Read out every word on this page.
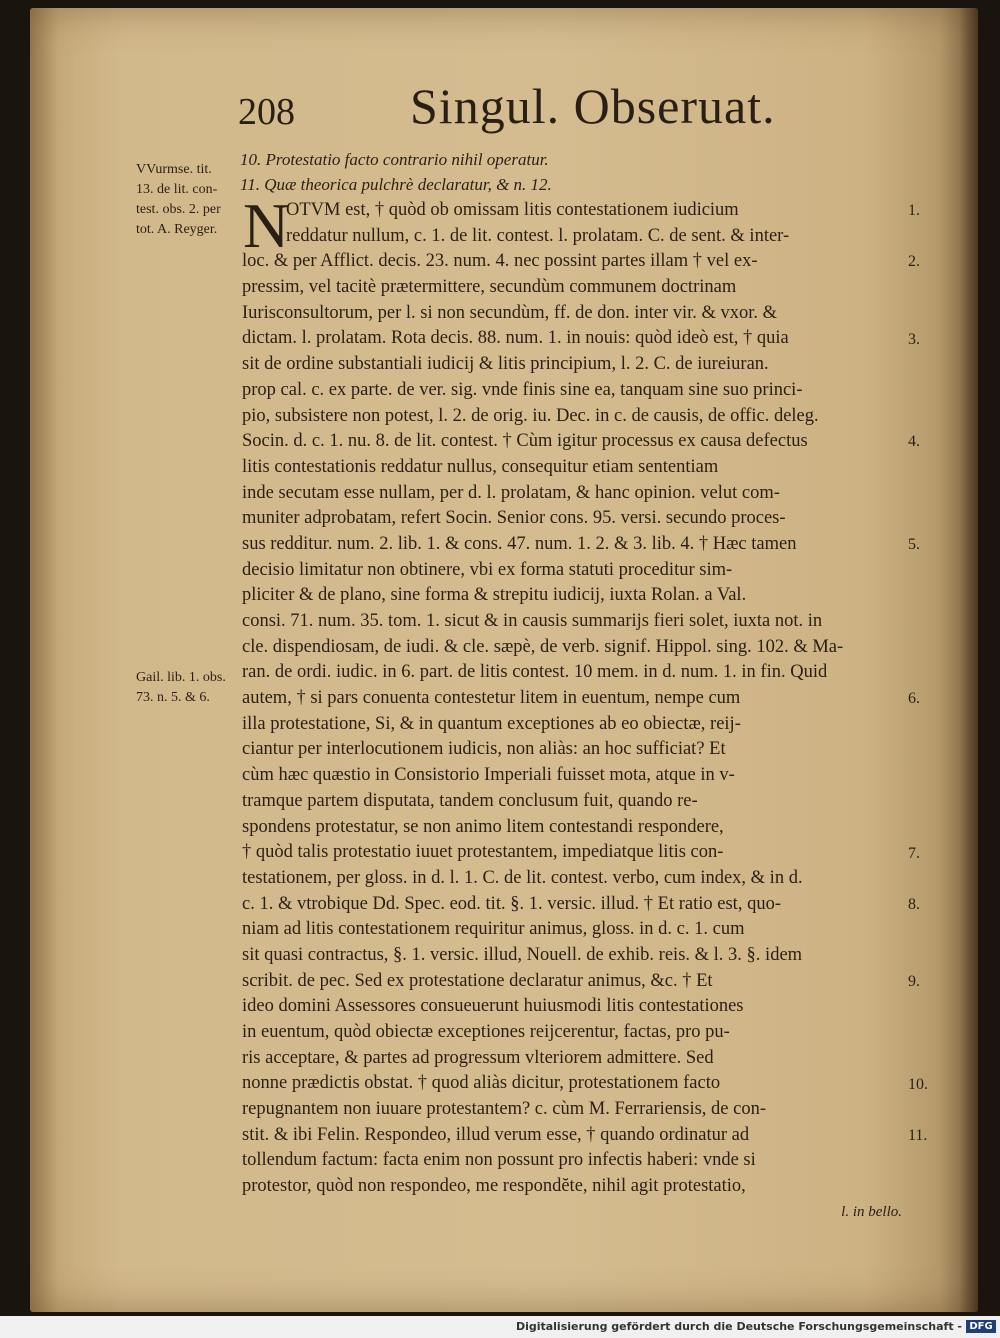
208 Singul. Obseruat.
10. Protestatio facto contrario nihil operatur.
11. Quæ theorica pulchrè declaratur, & n. 12.
VVurmse. tit.
13. de lit. con-
test. obs. 2. per
tot. A. Reyger.
Gail. lib. 1. obs.
73. n. 5. & 6.
N
OTVM est, † quòd ob omissam litis contestationem iudicium
reddatur nullum, c. 1. de lit. contest. l. prolatam. C. de sent. & inter-
loc. & per Afflict. decis. 23. num. 4. nec possint partes illam † vel ex-
pressim, vel tacitè prætermittere, secundùm communem doctrinam
Iurisconsultorum, per l. si non secundùm, ff. de don. inter vir. & vxor. &
dictam. l. prolatam. Rota decis. 88. num. 1. in nouis: quòd ideò est, † quia
sit de ordine substantiali iudicij & litis principium, l. 2. C. de iureiuran.
prop cal. c. ex parte. de ver. sig. vnde finis sine ea, tanquam sine suo princi-
pio, subsistere non potest, l. 2. de orig. iu. Dec. in c. de causis, de offic. deleg.
Socin. d. c. 1. nu. 8. de lit. contest. † Cùm igitur processus ex causa defectus
litis contestationis reddatur nullus, consequitur etiam sententiam
inde secutam esse nullam, per d. l. prolatam, & hanc opinion. velut com-
muniter adprobatam, refert Socin. Senior cons. 95. versi. secundo proces-
sus redditur. num. 2. lib. 1. & cons. 47. num. 1. 2. & 3. lib. 4. † Hæc tamen
decisio limitatur non obtinere, vbi ex forma statuti proceditur sim-
pliciter & de plano, sine forma & strepitu iudicij, iuxta Rolan. a Val.
consi. 71. num. 35. tom. 1. sicut & in causis summarijs fieri solet, iuxta not. in
cle. dispendiosam, de iudi. & cle. sæpè, de verb. signif. Hippol. sing. 102. & Ma-
ran. de ordi. iudic. in 6. part. de litis contest. 10 mem. in d. num. 1. in fin. Quid
autem, † si pars conuenta contestetur litem in euentum, nempe cum
illa protestatione, Si, & in quantum exceptiones ab eo obiectæ, reij-
ciantur per interlocutionem iudicis, non aliàs: an hoc sufficiat? Et
cùm hæc quæstio in Consistorio Imperiali fuisset mota, atque in v-
tramque partem disputata, tandem conclusum fuit, quando re-
spondens protestatur, se non animo litem contestandi respondere,
† quòd talis protestatio iuuet protestantem, impediatque litis con-
testationem, per gloss. in d. l. 1. C. de lit. contest. verbo, cum index, & in d.
c. 1. & vtrobique Dd. Spec. eod. tit. §. 1. versic. illud. † Et ratio est, quo-
niam ad litis contestationem requiritur animus, gloss. in d. c. 1. cum
sit quasi contractus, §. 1. versic. illud, Nouell. de exhib. reis. & l. 3. §. idem
scribit. de pec. Sed ex protestatione declaratur animus, &c. † Et
ideo domini Assessores consueuerunt huiusmodi litis contestationes
in euentum, quòd obiectæ exceptiones reijcerentur, factas, pro pu-
ris acceptare, & partes ad progressum vlteriorem admittere. Sed
nonne prædictis obstat. † quod aliàs dicitur, protestationem facto
repugnantem non iuuare protestantem? c. cùm M. Ferrariensis, de con-
stit. & ibi Felin. Respondeo, illud verum esse, † quando ordinatur ad
tollendum factum: facta enim non possunt pro infectis haberi: vnde si
protestor, quòd non respondeo, me respondĕte, nihil agit protestatio,
l. in bello.
1.
2.
3.
4.
5.
6.
7.
8.
9.
10.
11.
Digitalisierung gefördert durch die Deutsche Forschungsgemeinschaft - DFG
